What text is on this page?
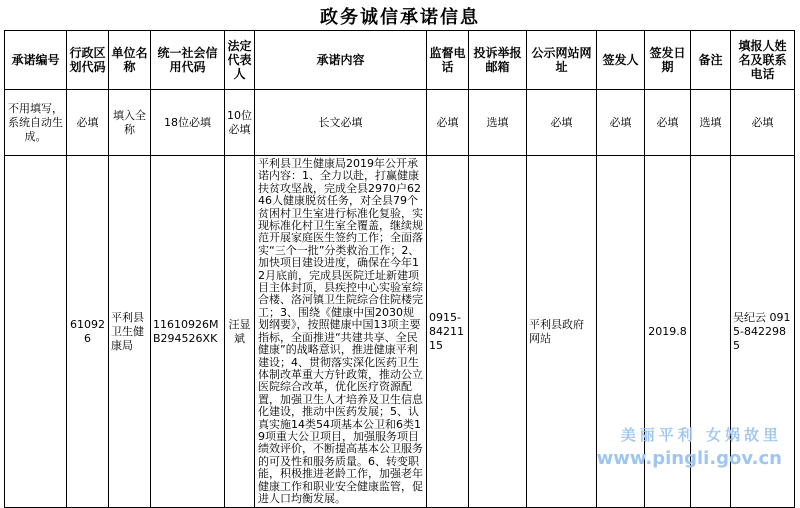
政务诚信承诺信息
承诺编号	行政区划代码	单位名称	统一社会信用代码	法定代表人	承诺内容	监督电话	投诉举报邮箱	公示网站网址	签发人	签发日期	备注	填报人姓名及联系电话
不用填写，系统自动生成。	必填	填入全称	18位必填	10位必填	长文必填	必填	选填	必填	必填	必填	选填	必填
	610926	平利县卫生健康局	11610926MB294526XK	汪显斌	平利县卫生健康局2019年公开承诺内容：1、全力以赴，打赢健康扶贫攻坚战，完成全县2970户6246人健康脱贫任务，对全县79个贫困村卫生室进行标准化复验，实现标准化村卫生室全覆盖，继续规范开展家庭医生签约工作；全面落实“三个一批”分类救治工作；2、加快项目建设进度，确保在今年12月底前，完成县医院迁址新建项目主体封顶，县疾控中心实验室综合楼、洛河镇卫生院综合住院楼完工；3、围绕《健康中国2030规划纲要》，按照健康中国13项主要指标，全面推进“共建共享、全民健康”的战略意识，推进健康平利建设；4、贯彻落实深化医药卫生体制改革重大方针政策，推动公立医院综合改革，优化医疗资源配置，加强卫生人才培养及卫生信息化建设，推动中医药发展；5、认真实施14类54项基本公卫和6类19项重大公卫项目，加强服务项目绩效评价，不断提高基本公卫服务的可及性和服务质量。6、转变职能，积极推进老龄工作，加强老年健康工作和职业安全健康监管，促进人口均衡发展。	0915-8421115		平利县政府网站		2019.8		吴纪云 0915-8422985
美丽平利 女娲故里
www.pingli.gov.cn
